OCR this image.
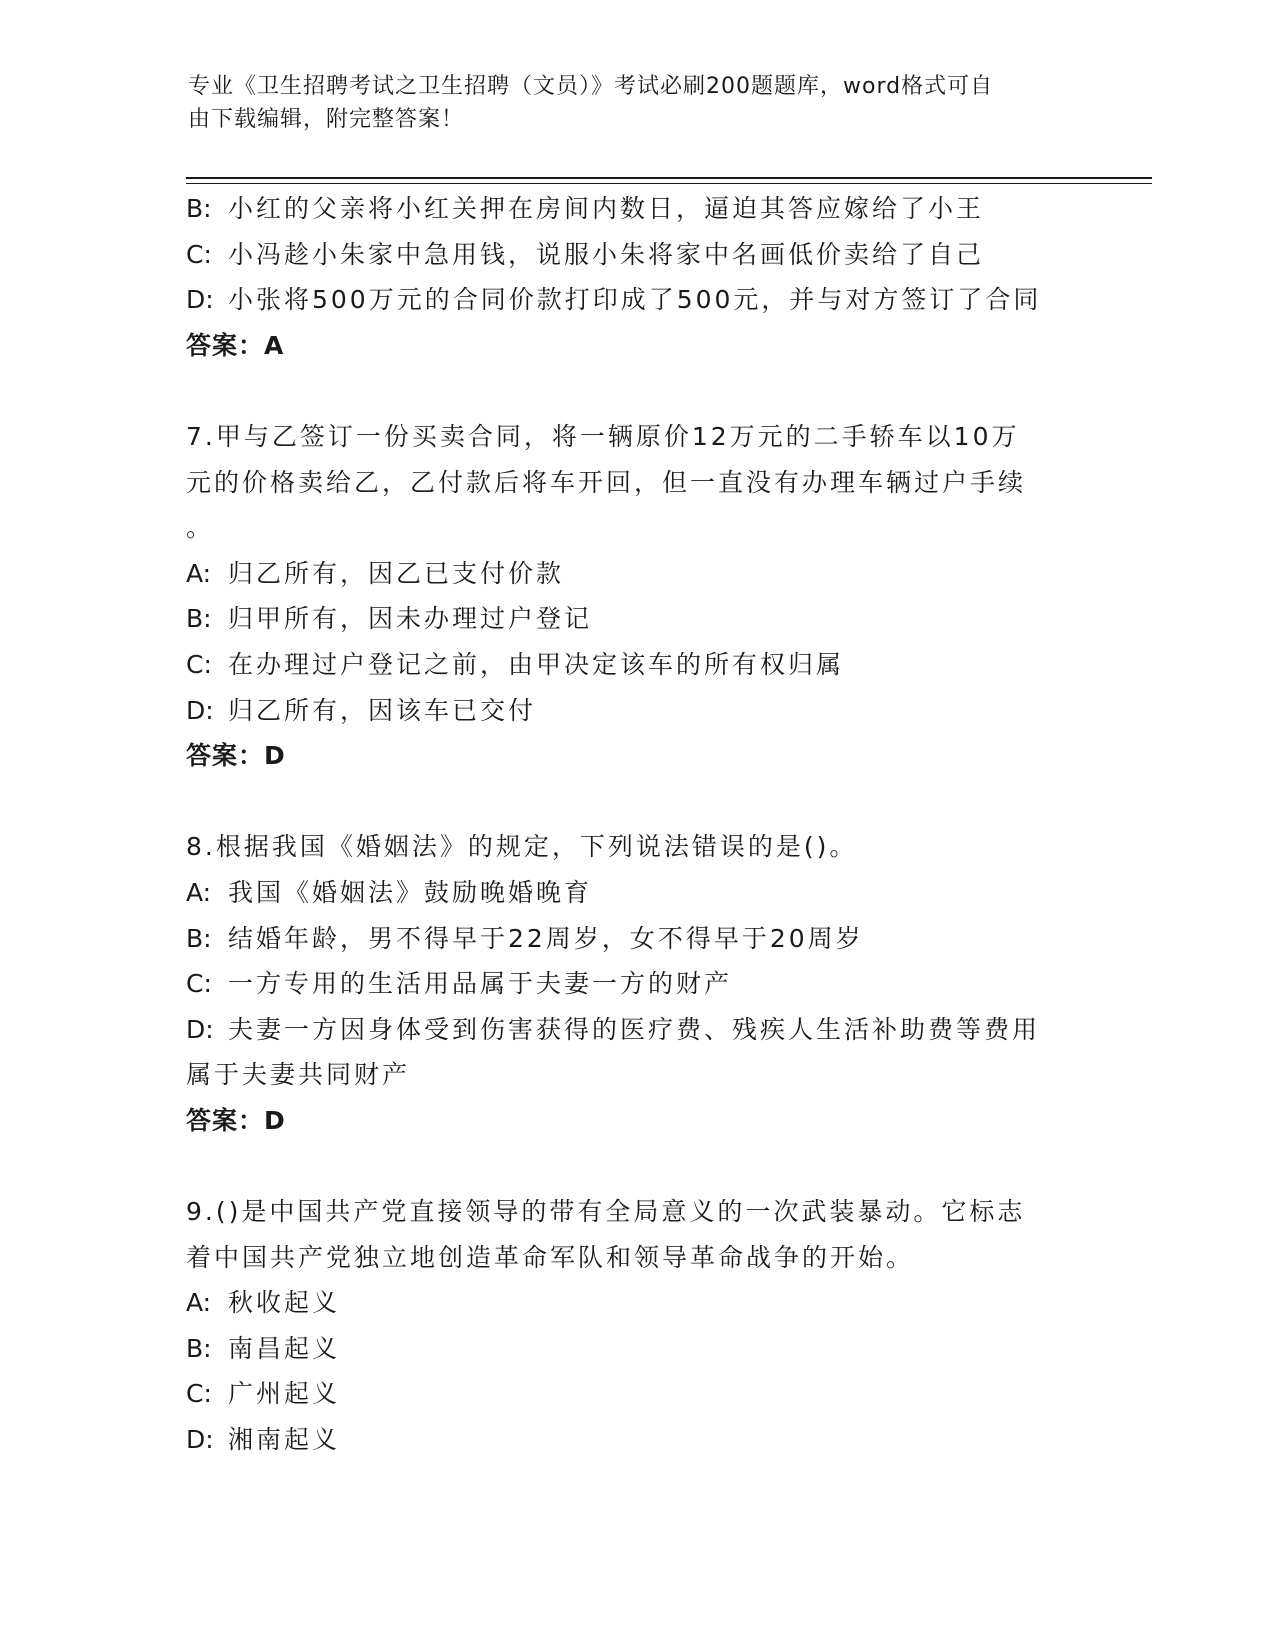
专业《卫生招聘考试之卫生招聘（文员）》考试必刷200题题库，word格式可自
由下载编辑，附完整答案！
B: 小红的父亲将小红关押在房间内数日，逼迫其答应嫁给了小王
C: 小冯趁小朱家中急用钱，说服小朱将家中名画低价卖给了自己
D: 小张将500万元的合同价款打印成了500元，并与对方签订了合同
答案：A
7.甲与乙签订一份买卖合同，将一辆原价12万元的二手轿车以10万
元的价格卖给乙，乙付款后将车开回，但一直没有办理车辆过户手续
。
A: 归乙所有，因乙已支付价款
B: 归甲所有，因未办理过户登记
C: 在办理过户登记之前，由甲决定该车的所有权归属
D: 归乙所有，因该车已交付
答案：D
8.根据我国《婚姻法》的规定，下列说法错误的是()。
A: 我国《婚姻法》鼓励晚婚晚育
B: 结婚年龄，男不得早于22周岁，女不得早于20周岁
C: 一方专用的生活用品属于夫妻一方的财产
D: 夫妻一方因身体受到伤害获得的医疗费、残疾人生活补助费等费用
属于夫妻共同财产
答案：D
9.()是中国共产党直接领导的带有全局意义的一次武装暴动。它标志
着中国共产党独立地创造革命军队和领导革命战争的开始。
A: 秋收起义
B: 南昌起义
C: 广州起义
D: 湘南起义
